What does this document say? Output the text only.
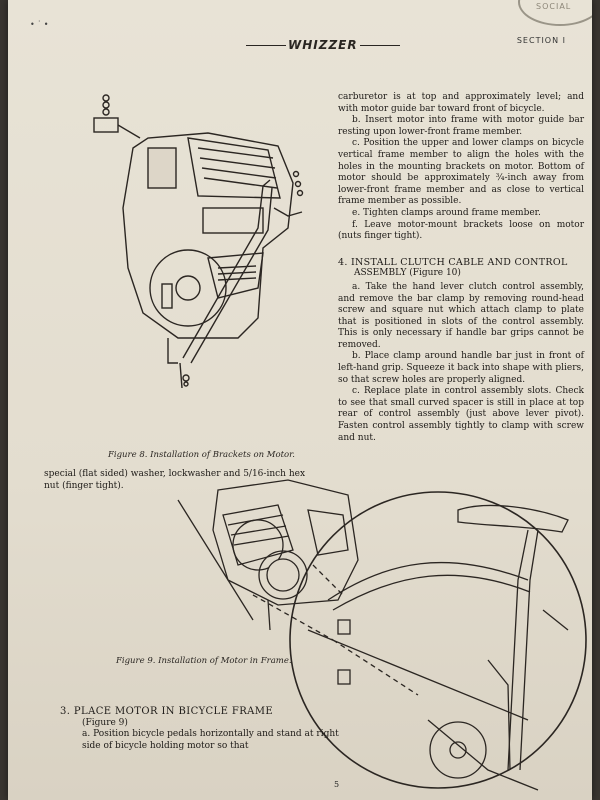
SOCIAL
• ˙ •
WHIZZER	SECTION I
Figure 8. Installation of Brackets on Motor.
special (flat sided) washer, lockwasher and 5/16-inch hex nut (finger tight).

carburetor is at top and approximately level; and with motor guide bar toward front of bicycle.

b. Insert motor into frame with motor guide bar resting upon lower-front frame member.

c. Position the upper and lower clamps on bicycle vertical frame member to align the holes with the holes in the mounting brackets on motor. Bottom of motor should be approximately ¾-inch away from lower-front frame member and as close to vertical frame member as possible.

e. Tighten clamps around frame member.

f. Leave motor-mount brackets loose on motor (nuts finger tight).

4. INSTALL CLUTCH CABLE AND CONTROL

ASSEMBLY (Figure 10)

a. Take the hand lever clutch control assembly, and remove the bar clamp by removing round-head screw and square nut which attach clamp to plate that is positioned in slots of the control assembly. This is only necessary if handle bar grips cannot be removed.

b. Place clamp around handle bar just in front of left-hand grip. Squeeze it back into shape with pliers, so that screw holes are properly aligned.

c. Replace plate in control assembly slots. Check to see that small curved spacer is still in place at top rear of control assembly (just above lever pivot). Fasten control assembly tightly to clamp with screw and nut.

Figure 9. Installation of Motor in Frame.
3. PLACE MOTOR IN BICYCLE FRAME

(Figure 9)

a. Position bicycle pedals horizontally and stand at right side of bicycle holding motor so that

5
